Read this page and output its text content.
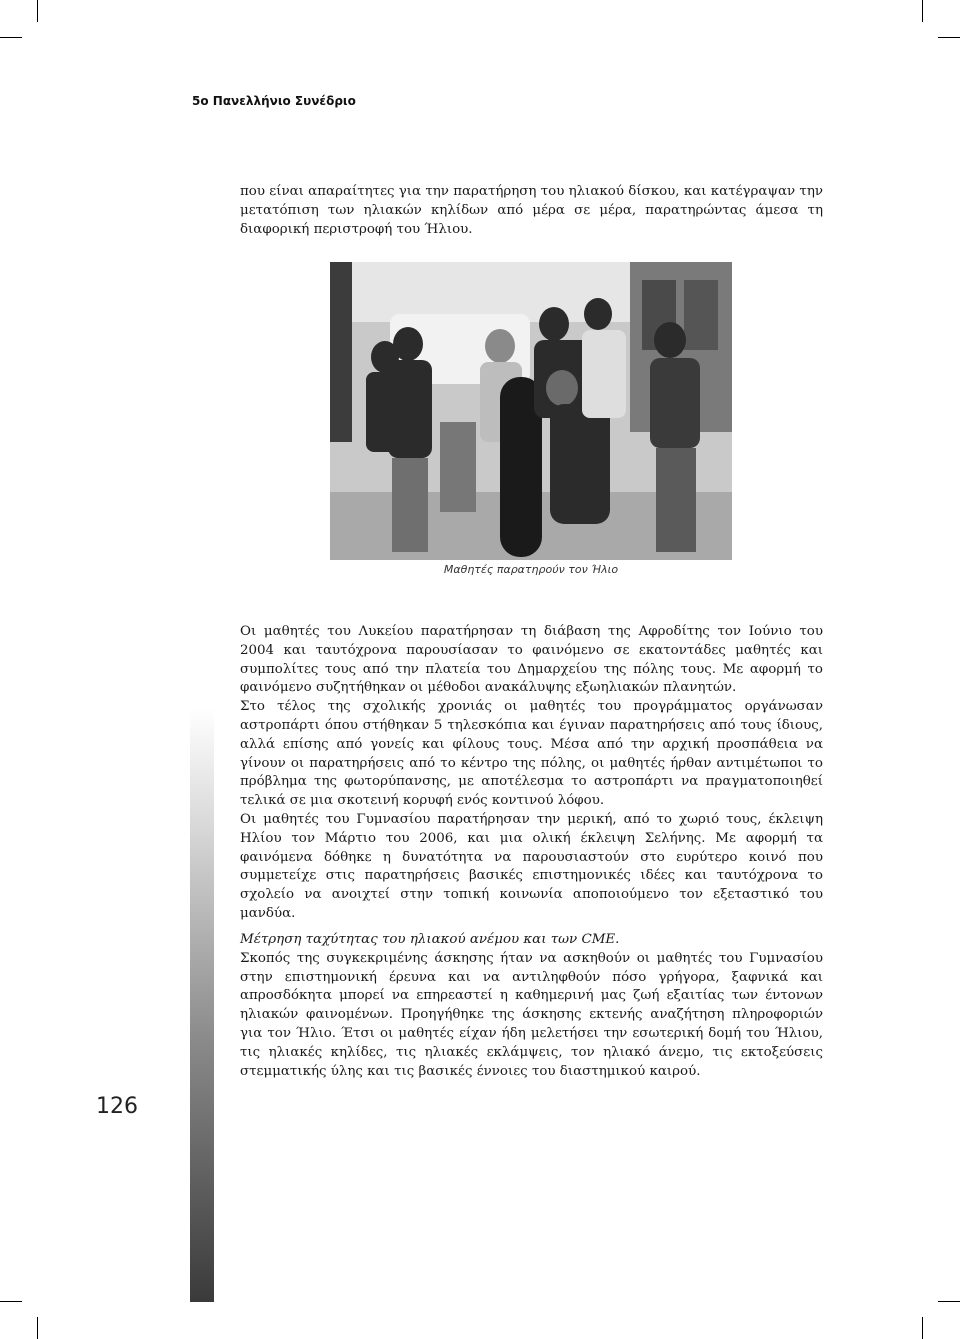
5ο Πανελλήνιο Συνέδριο

που είναι απαραίτητες για την παρατήρηση του ηλιακού δίσκου, και κατέγραψαν την μετατόπιση των ηλιακών κηλίδων από μέρα σε μέρα, παρατηρώντας άμεσα τη διαφορική περιστροφή του Ήλιου.

Μαθητές παρατηρούν τον Ήλιο

Οι μαθητές του Λυκείου παρατήρησαν τη διάβαση της Αφροδίτης τον Ιούνιο του 2004 και ταυτόχρονα παρουσίασαν το φαινόμενο σε εκατοντάδες μαθητές και συμπολίτες τους από την πλατεία του Δημαρχείου της πόλης τους. Με αφορμή το φαινόμενο συζητήθηκαν οι μέθοδοι ανακάλυψης εξωηλιακών πλανητών.

Στο τέλος της σχολικής χρονιάς οι μαθητές του προγράμματος οργάνωσαν αστροπάρτι όπου στήθηκαν 5 τηλεσκόπια και έγιναν παρατηρήσεις από τους ίδιους, αλλά επίσης από γονείς και φίλους τους. Μέσα από την αρχική προσπάθεια να γίνουν οι παρατηρήσεις από το κέντρο της πόλης, οι μαθητές ήρθαν αντιμέτωποι το πρόβλημα της φωτορύπανσης, με αποτέλεσμα το αστροπάρτι να πραγματοποιηθεί τελικά σε μια σκοτεινή κορυφή ενός κοντινού λόφου.

Οι μαθητές του Γυμνασίου παρατήρησαν την μερική, από το χωριό τους, έκλειψη Ηλίου τον Μάρτιο του 2006, και μια ολική έκλειψη Σελήνης. Με αφορμή τα φαινόμενα δόθηκε η δυνατότητα να παρουσιαστούν στο ευρύτερο κοινό που συμμετείχε στις παρατηρήσεις βασικές επιστημονικές ιδέες και ταυτόχρονα το σχολείο να ανοιχτεί στην τοπική κοινωνία αποποιούμενο τον εξεταστικό του μανδύα.

Μέτρηση ταχύτητας του ηλιακού ανέμου και των CME.

Σκοπός της συγκεκριμένης άσκησης ήταν να ασκηθούν οι μαθητές του Γυμνασίου στην επιστημονική έρευνα και να αντιληφθούν πόσο γρήγορα, ξαφνικά και απροσδόκητα μπορεί να επηρεαστεί η καθημερινή μας ζωή εξαιτίας των έντονων ηλιακών φαινομένων. Προηγήθηκε της άσκησης εκτενής αναζήτηση πληροφοριών για τον Ήλιο. Έτσι οι μαθητές είχαν ήδη μελετήσει την εσωτερική δομή του Ήλιου, τις ηλιακές κηλίδες, τις ηλιακές εκλάμψεις, τον ηλιακό άνεμο, τις εκτοξεύσεις στεμματικής ύλης και τις βασικές έννοιες του διαστημικού καιρού.

126
